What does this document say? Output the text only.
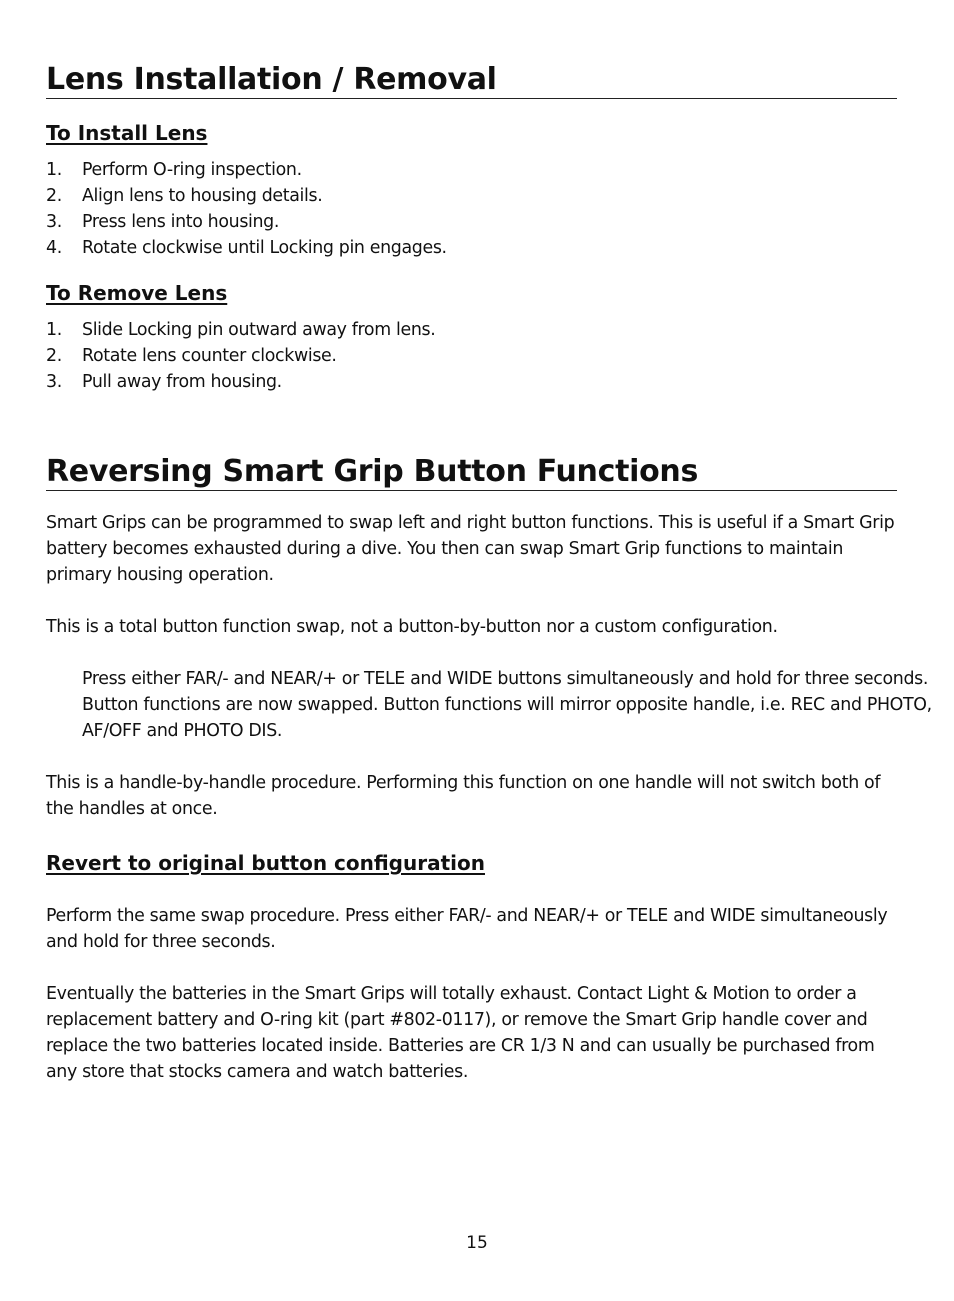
Lens Installation / Removal
To Install Lens
1.	Perform O-ring inspection.
2.	Align lens to housing details.
3.	Press lens into housing.
4.	Rotate clockwise until Locking pin engages.
To Remove Lens
1.	Slide Locking pin outward away from lens.
2.	Rotate lens counter clockwise.
3.	Pull away from housing.
Reversing Smart Grip Button Functions

Smart Grips can be programmed to swap left and right button functions. This is useful if a Smart Grip battery becomes exhausted during a dive. You then can swap Smart Grip functions to maintain primary housing operation.

This is a total button function swap, not a button-by-button nor a custom configuration.

Press either FAR/- and NEAR/+ or TELE and WIDE buttons simultaneously and hold for three seconds. Button functions are now swapped. Button functions will mirror opposite handle, i.e. REC and PHOTO, AF/OFF and PHOTO DIS.

This is a handle-by-handle procedure. Performing this function on one handle will not switch both of the handles at once.

Revert to original button configuration

Perform the same swap procedure. Press either FAR/- and NEAR/+ or TELE and WIDE simultaneously and hold for three seconds.

Eventually the batteries in the Smart Grips will totally exhaust. Contact Light & Motion to order a replacement battery and O-ring kit (part #802-0117), or remove the Smart Grip handle cover and replace the two batteries located inside. Batteries are CR 1/3 N and can usually be purchased from any store that stocks camera and watch batteries.

15
